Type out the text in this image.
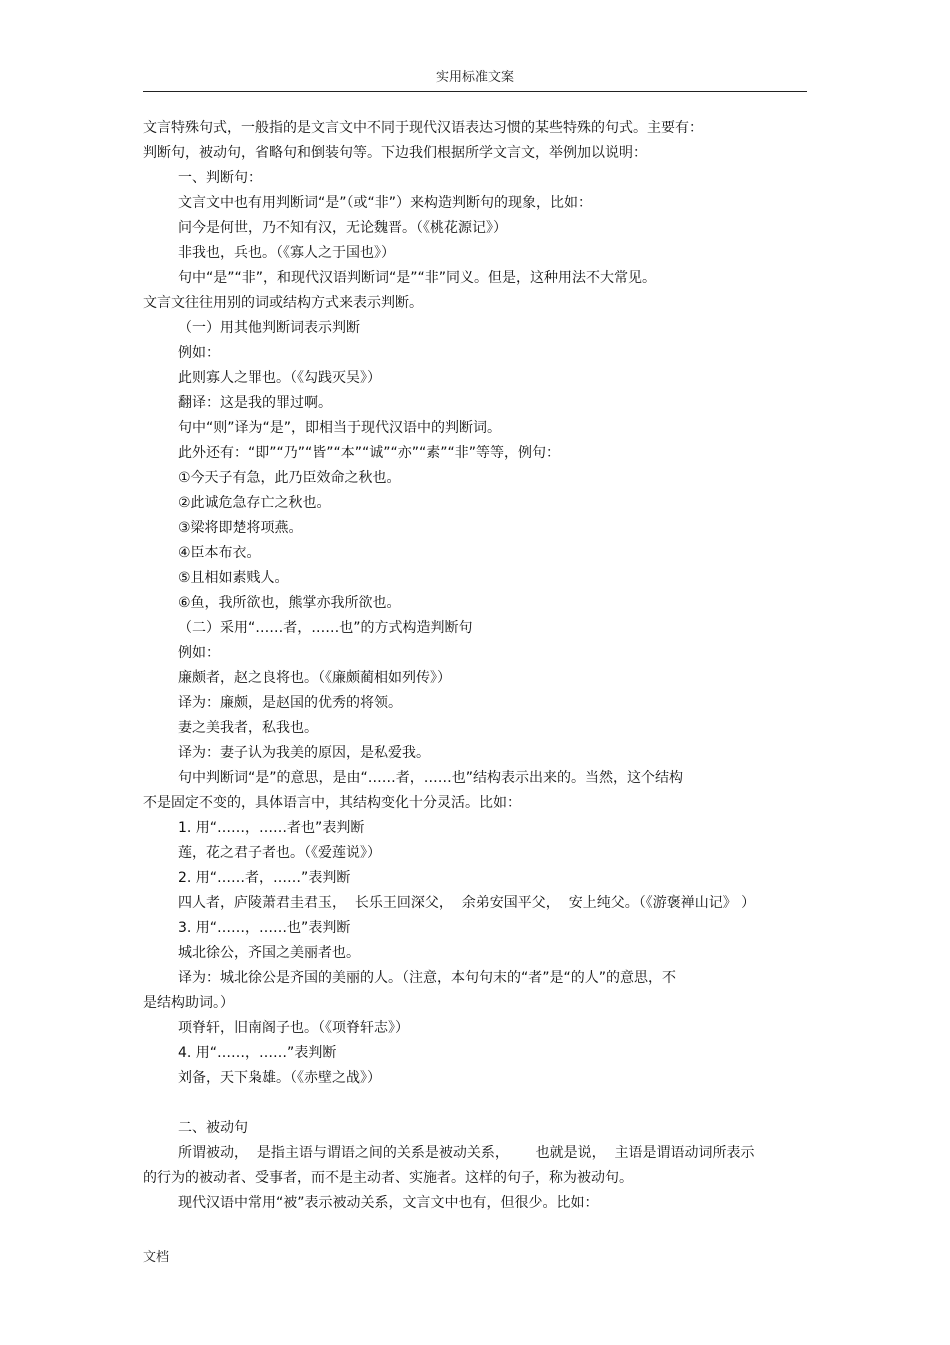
实用标准文案
文言特殊句式，一般指的是文言文中不同于现代汉语表达习惯的某些特殊的句式。主要有：
判断句，被动句，省略句和倒装句等。下边我们根据所学文言文，举例加以说明：
一、判断句：
文言文中也有用判断词“是”（或“非”）来构造判断句的现象，比如：
问今是何世，乃不知有汉，无论魏晋。（《桃花源记》）
非我也，兵也。（《寡人之于国也》）
句中“是”“非”，和现代汉语判断词“是”“非”同义。但是，这种用法不大常见。
文言文往往用别的词或结构方式来表示判断。
（一）用其他判断词表示判断
例如：
此则寡人之罪也。（《勾践灭吴》）
翻译：这是我的罪过啊。
句中“则”译为“是”，即相当于现代汉语中的判断词。
此外还有：“即”“乃”“皆”“本”“诚”“亦”“素”“非”等等，例句：
①今天子有急，此乃臣效命之秋也。
②此诚危急存亡之秋也。
③梁将即楚将项燕。
④臣本布衣。
⑤且相如素贱人。
⑥鱼，我所欲也，熊掌亦我所欲也。
（二）采用“……者，……也”的方式构造判断句
例如：
廉颇者，赵之良将也。（《廉颇蔺相如列传》）
译为：廉颇，是赵国的优秀的将领。
妻之美我者，私我也。
译为：妻子认为我美的原因，是私爱我。
句中判断词“是”的意思，是由“……者，……也”结构表示出来的。当然，这个结构
不是固定不变的，具体语言中，其结构变化十分灵活。比如：
1. 用“……，……者也”表判断
莲，花之君子者也。（《爱莲说》）
2. 用“……者，……”表判断
四人者，庐陵萧君圭君玉，  长乐王回深父，  余弟安国平父，  安上纯父。（《游褒禅山记》 ）
3. 用“……，……也”表判断
城北徐公，齐国之美丽者也。
译为：城北徐公是齐国的美丽的人。（注意，本句句末的“者”是“的人”的意思，不
是结构助词。）
项脊轩，旧南阁子也。（《项脊轩志》）
4. 用“……，……”表判断
刘备，天下枭雄。（《赤壁之战》）
二、被动句
所谓被动，  是指主语与谓语之间的关系是被动关系，      也就是说，  主语是谓语动词所表示
的行为的被动者、受事者，而不是主动者、实施者。这样的句子，称为被动句。
现代汉语中常用“被”表示被动关系，文言文中也有，但很少。比如：
文档
